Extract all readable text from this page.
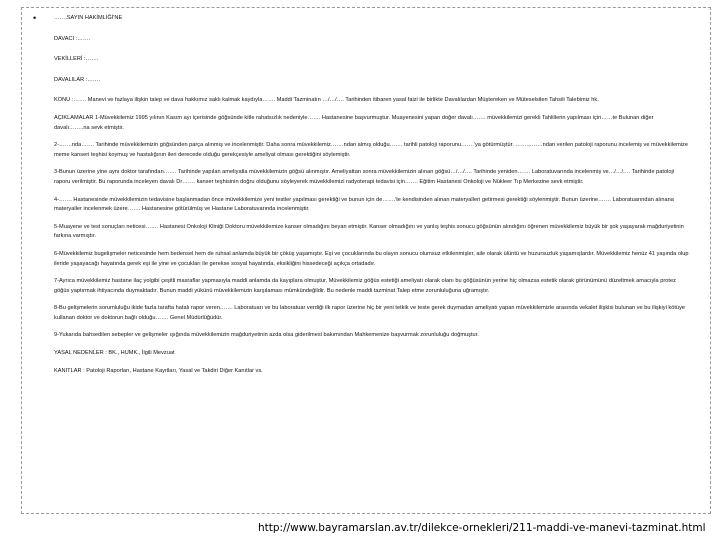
•	…….SAYIN HAKİMLİĞİ'NE

DAVACI :…….

VEKİLLERİ :…….

DAVALILAR :…….

KONU :……. Manevi ve fazlaya ilişkin talep ve dava hakkımız saklı kalmak kaydıyla……. Maddi Tazminatın …/…/…. Tarihinden itibaren yasal faizi ile birlikte Davalılardan Müştereken ve Müteselsilen Tahsili Talebimiz hk.

AÇIKLAMALAR 1-Müvekkilemiz 1995 yılının Kasım ayı içerisinde göğsünde kitle rahatsızlık nedeniyle……. Hastanesine başvurmuştur. Muayenesini yapan doğer davalı……. müvekkilemizi gerekli Tahlillerin yapılması için……te Bulunan diğer davalı……..na sevk etmiştir.

2-…….nda……. Tarihinde müvekkilemizin göğsünden parça alınmış ve incelenmiştir. Daha sonra müvekkilemiz…….ndan almış olduğu……. tarihli patoloji raporunu…….'ya götürmüştür. …….,…….ndan verilen patoloji raporunu incelemiş ve müvekkilemize meme kanseri teşhisi koymuş ve hastalığının ileri derecede olduğu gerekçesiyle ameliyat olması gerektiğini söylemiştir.

3-Bunun üzerine yine aynı doktor tarafından……. Tarihinde yapılan ameliyatla müvekkilemizin göğsü alınmıştır. Ameliyattan sonra müvekkilemizin alınan göğsü…/…/…. Tarihinde yeniden……. Laboratuvarında incelenmiş ve…/…/…. Tarihinde patoloji raporu verilmiştir. Bu raporunda inceleyen davalı Dr……. kanser teşhisinin doğru olduğunu söyleyerek müvekkilemizi radyoterapi tedavisi için……. Eğitim Hastanesi Onkoloji ve Nükleer Tıp Merkezine sevk etmiştir.

4-……. Hastanesinde müvekkilemizin tedavisine başlanmadan önce müvekkilemize yeni testler yapılması gerektiği ve bunun için de…….'te kendisinden alınan materyalleri getirmesi gerektiği söylenmiştir. Bunun üzerine……. Laboratuarından alınana materyaller incelenmek üzere……. Hastanesine götürülmüş ve Hastane Laboratuvarında incelenmiştir.

5-Muayene ve test sonuçları neticesi……. Hastanesi Onkoloji Kliniği Doktoru müvekkilemize kanser olmadığını beyan etmiştir. Kanser olmadığını ve yanlış teşhis sonucu göğsünün alındığını öğrenen müvekkilemiz büyük bir şok yaşayarak mağduriyetinin farkına varmıştır.

6-Müvekkilemiz bugelişmeler neticesinde hem bedensel hem de ruhsal anlamda büyük bir çöküş yaşamıştır. Eşi ve çocuklarında bu olayın sonucu olumsuz etkilenmişler, aile olarak ülüntü ve huzursuzluk yaşamışlardır. Müvekkilemiz henüz 41 yaşında olup ileride yaşayacağı hayatında gerek eşi ile yine ve çocukları ile gerekse sosyal hayatında, eksikliğini hissedeceği açıkça ortadadır.

7-Ayrıca müvekkilemiz hastane ilaç yolgibi çeşitli masraflar yapmasıyla maddi anlamda da kayıplara olmuştur. Müvekkilemiz göğüs estetiği ameliyatı olarak olanı bu göğüsünün yerine hiç olmazsa estetik olarak görünümünü düzeltmek amacıyla protez göğüs yaptırmak ihtiyacında duymaktadır. Bunun maddi yükünü müvekkilemizin karşılaması mümkündeğildir. Bu nedenle maddi tazminat Talep etme zorunluluğuna uğramıştır.

8-Bu gelişmelerin sorumluluğu ikide fazla tarafta hatalı rapor veren……. Laboratuarı ve bu laboratuar verdiği ilk rapor üzerine hiç bir yeni tetkik ve teste gerek duymadan ameliyatı yapan müvekkilemizle arasında vekalet ilişkisi bulunan ve bu ilişkiyi kötüye kullanan doktor ve doktorun bağlı olduğu……. Genel Müdürlüğüdür.

9-Yukarıda bahsedilen sebepler ve gelişmeler ışığında müvekkilemizin mağduriyetinin azda olsa giderilmesi bakımından Mahkemenize başvurmak zorunluluğu doğmuştur.

YASAL NEDENLER : BK., HUMK., İlgili Mevzuat

KANITLAR : Patoloji Raporları, Hastane Kayıtları, Yasal ve Takdiri Diğer Kanıtlar vs.

http://www.bayramarslan.av.tr/dilekce-ornekleri/211-maddi-ve-manevi-tazminat.html
